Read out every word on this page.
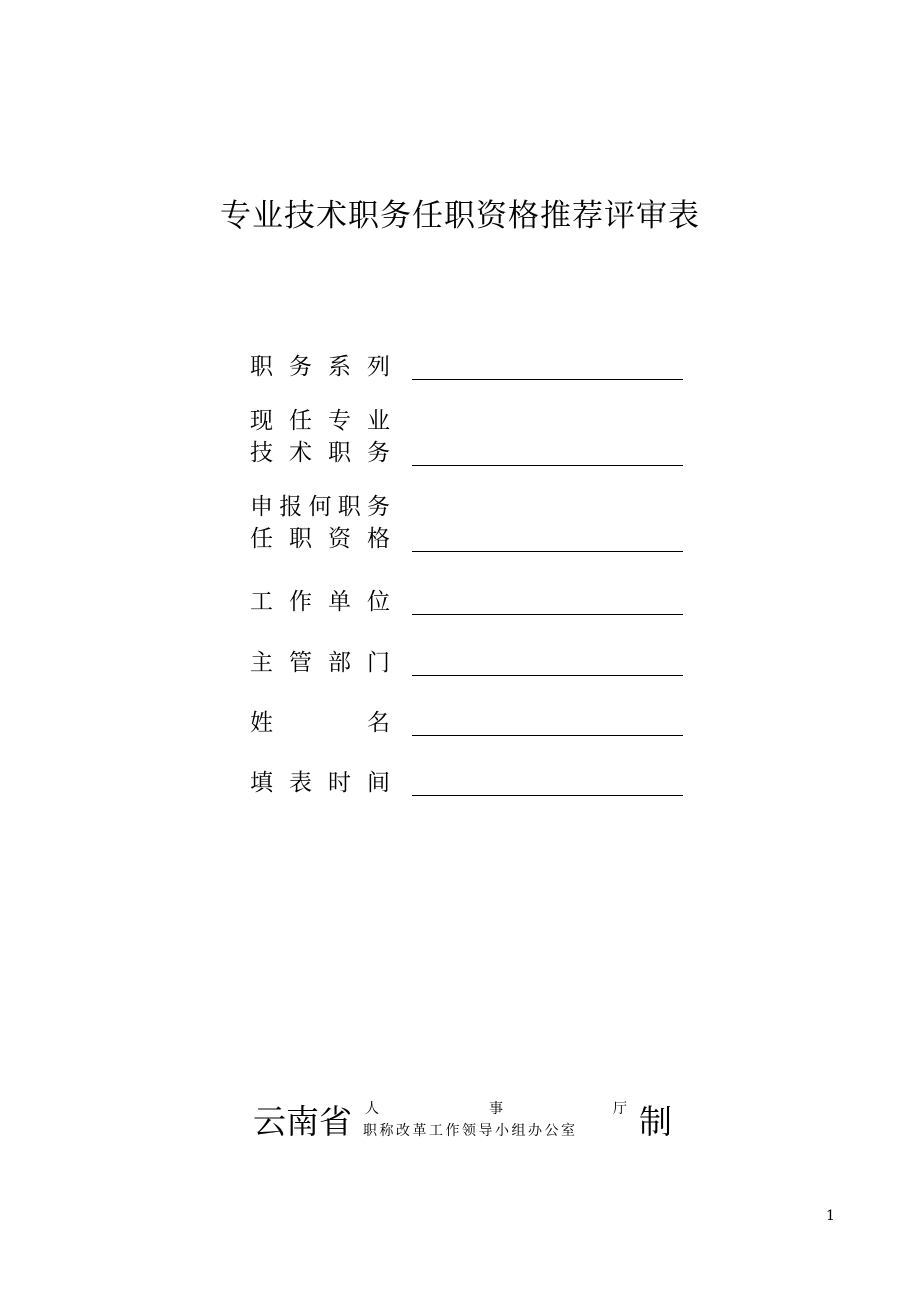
专业技术职务任职资格推荐评审表
职 务 系 列
现 任 专 业
技 术 职 务
申报何职务
任 职 资 格
工 作 单 位
主 管 部 门
姓　　 名
填 表 时 间
云南省 人	事	厅
职称改革工作领导小组办公室	制
1
